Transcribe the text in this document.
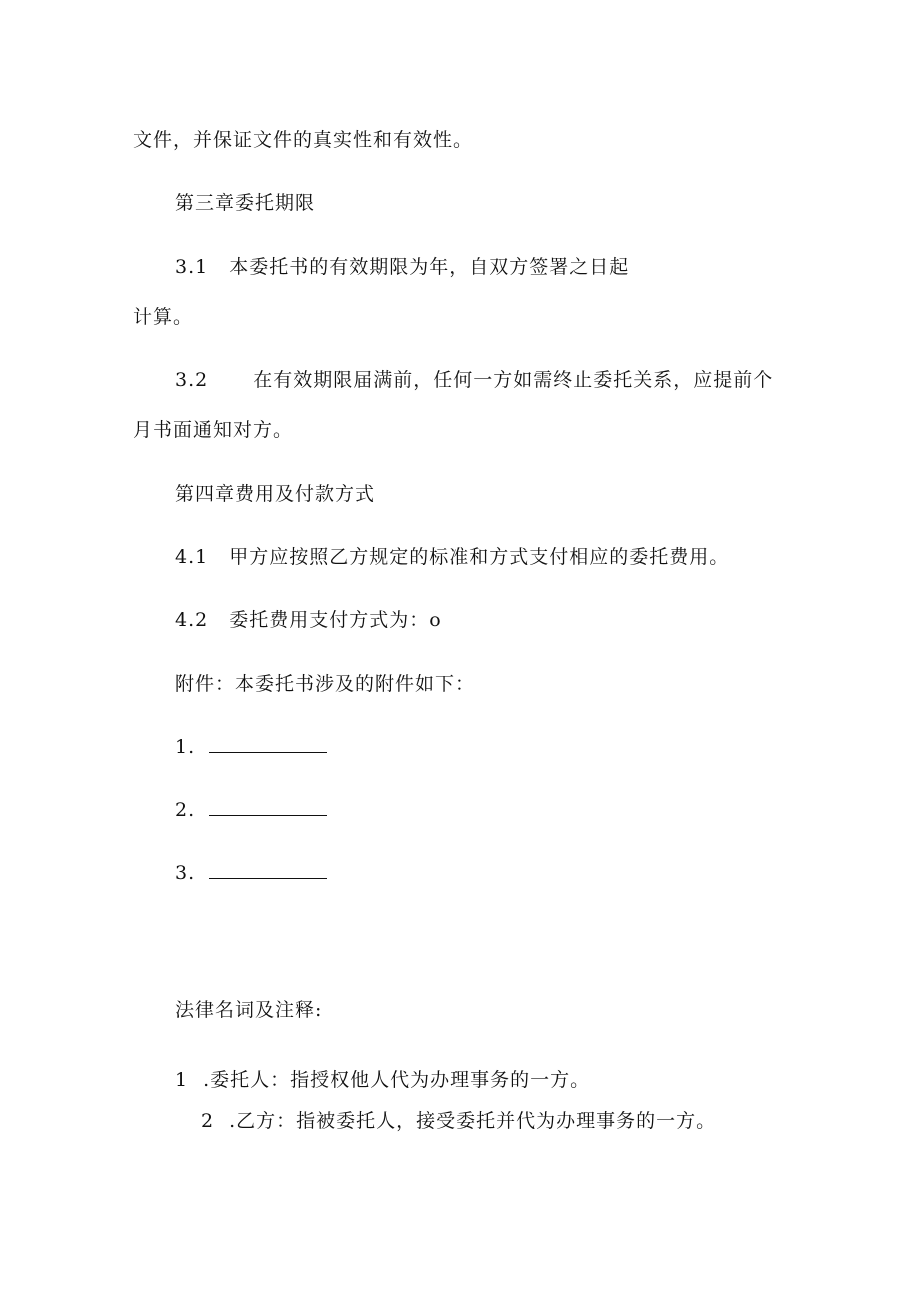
文件，并保证文件的真实性和有效性。
第三章委托期限
3.1 本委托书的有效期限为年，自双方签署之日起
计算。
3.2 在有效期限届满前，任何一方如需终止委托关系，应提前个
月书面通知对方。
第四章费用及付款方式
4.1 甲方应按照乙方规定的标准和方式支付相应的委托费用。
4.2 委托费用支付方式为：o
附件：本委托书涉及的附件如下：
1.
2.
3.
法律名词及注释:
1 .委托人：指授权他人代为办理事务的一方。
2 .乙方：指被委托人，接受委托并代为办理事务的一方。
